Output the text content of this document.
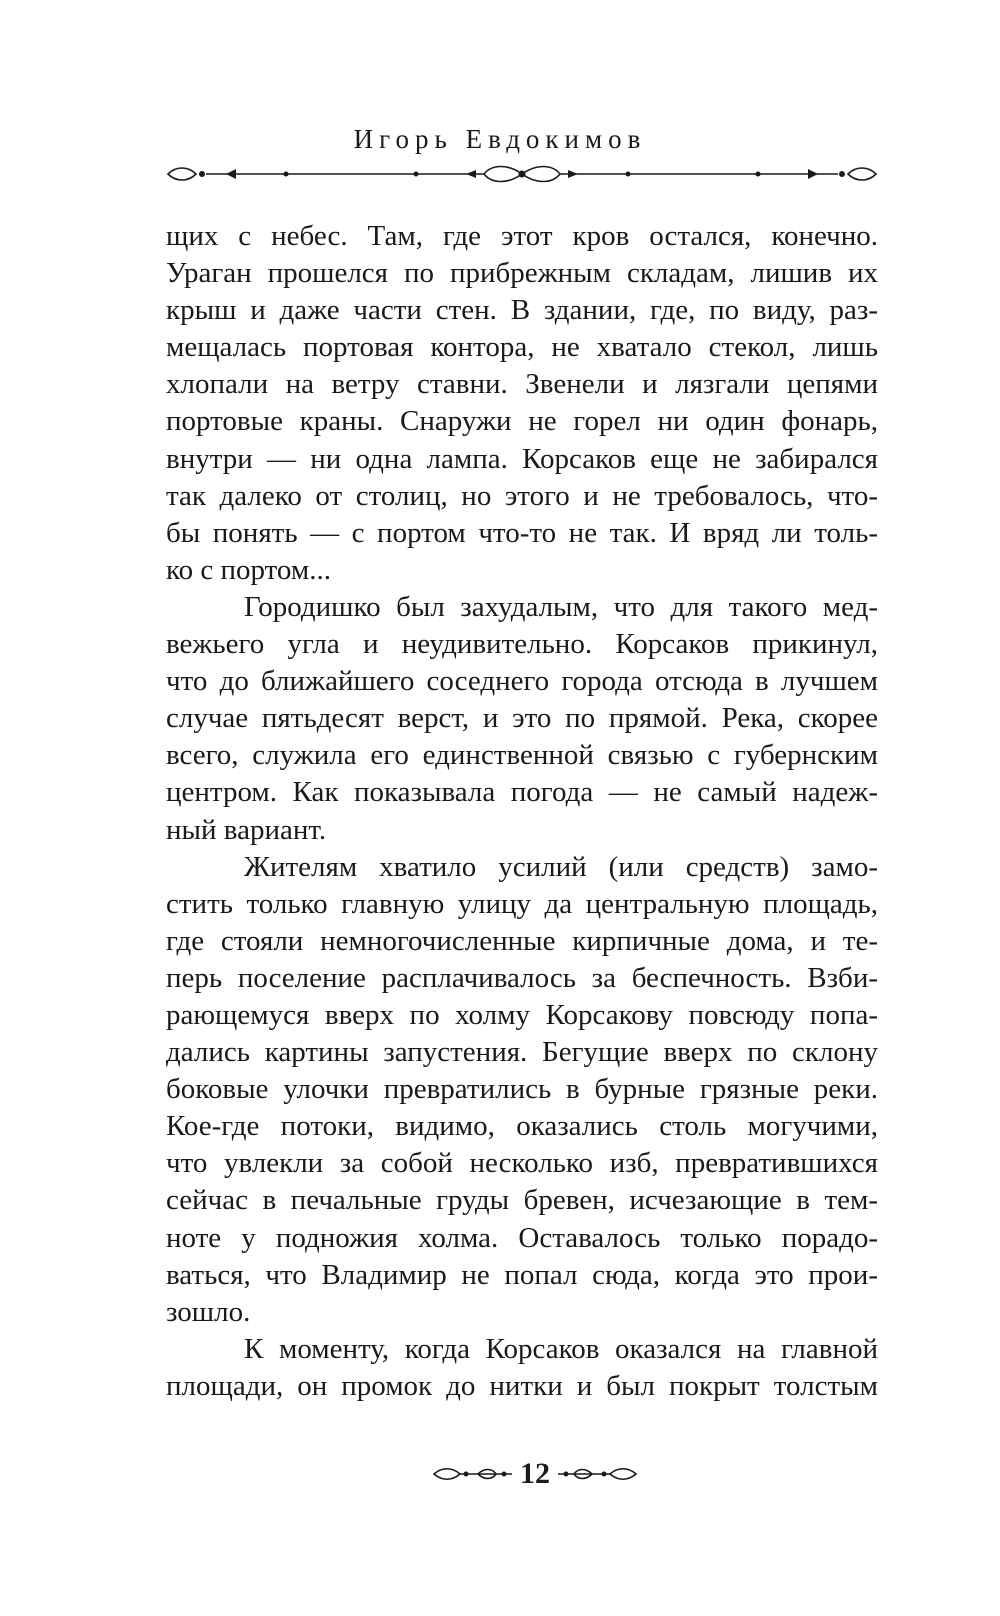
Игорь Евдокимов
щих с небес. Там, где этот кров остался, конечно.
Ураган прошелся по прибрежным складам, лишив их
крыш и даже части стен. В здании, где, по виду, раз-
мещалась портовая контора, не хватало стекол, лишь
хлопали на ветру ставни. Звенели и лязгали цепями
портовые краны. Снаружи не горел ни один фонарь,
внутри — ни одна лампа. Корсаков еще не забирался
так далеко от столиц, но этого и не требовалось, что-
бы понять — с портом что-то не так. И вряд ли толь-
ко с портом...
Городишко был захудалым, что для такого мед-
вежьего угла и неудивительно. Корсаков прикинул,
что до ближайшего соседнего города отсюда в лучшем
случае пятьдесят верст, и это по прямой. Река, скорее
всего, служила его единственной связью с губернским
центром. Как показывала погода — не самый надеж-
ный вариант.
Жителям хватило усилий (или средств) замо-
стить только главную улицу да центральную площадь,
где стояли немногочисленные кирпичные дома, и те-
перь поселение расплачивалось за беспечность. Взби-
рающемуся вверх по холму Корсакову повсюду попа-
дались картины запустения. Бегущие вверх по склону
боковые улочки превратились в бурные грязные реки.
Кое-где потоки, видимо, оказались столь могучими,
что увлекли за собой несколько изб, превратившихся
сейчас в печальные груды бревен, исчезающие в тем-
ноте у подножия холма. Оставалось только порадо-
ваться, что Владимир не попал сюда, когда это прои-
зошло.
К моменту, когда Корсаков оказался на главной
площади, он промок до нитки и был покрыт толстым
12
